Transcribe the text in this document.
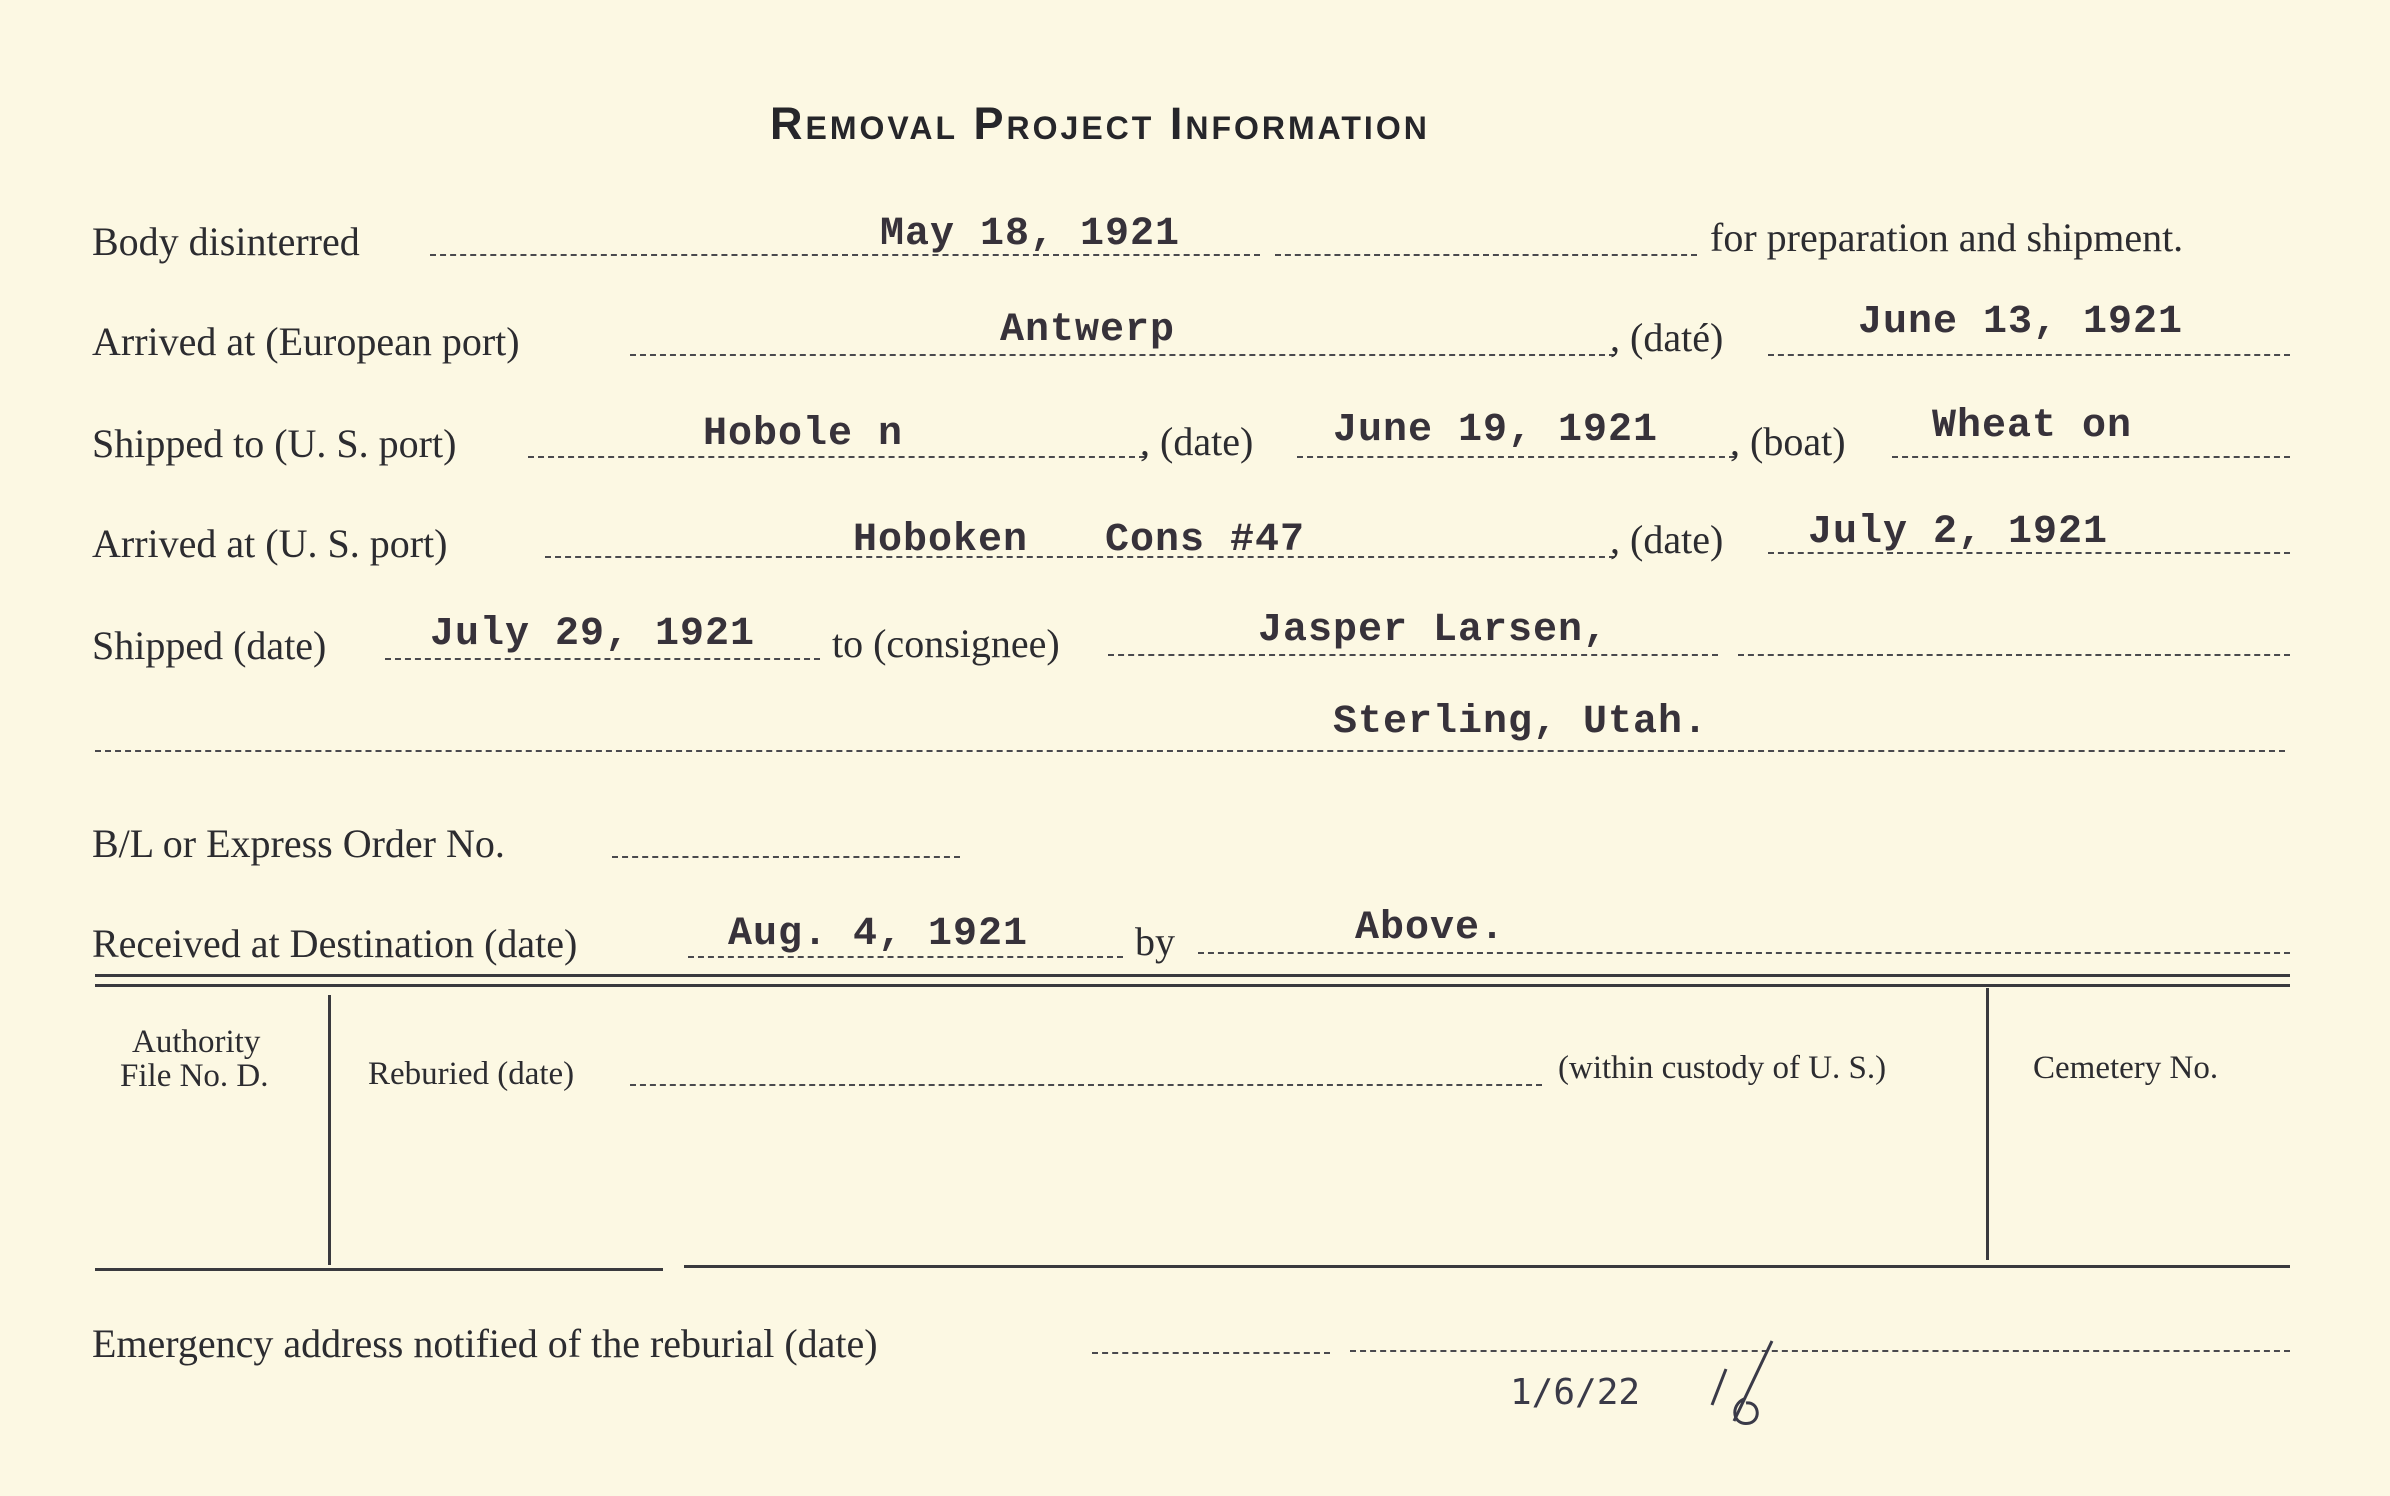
Removal Project Information
Body disinterred	May 18, 1921	for preparation and shipment.
Arrived at (European port)	Antwerp	, (daté)	June 13, 1921
Shipped to (U. S. port)	Hobole n	, (date) June 19, 1921 , (boat) Wheat on
Arrived at (U. S. port)	Hoboken Cons #47	, (date) July 2, 1921
Shipped (date)	July 29, 1921 to (consignee)	Jasper Larsen,
Sterling, Utah.
B/L or Express Order No.
Received at Destination (date)	Aug. 4, 1921	by	Above.
Authority
File No. D.	Reburied (date)	(within custody of U. S.)	Cemetery No.
Emergency address notified of the reburial (date)
1/6/22
